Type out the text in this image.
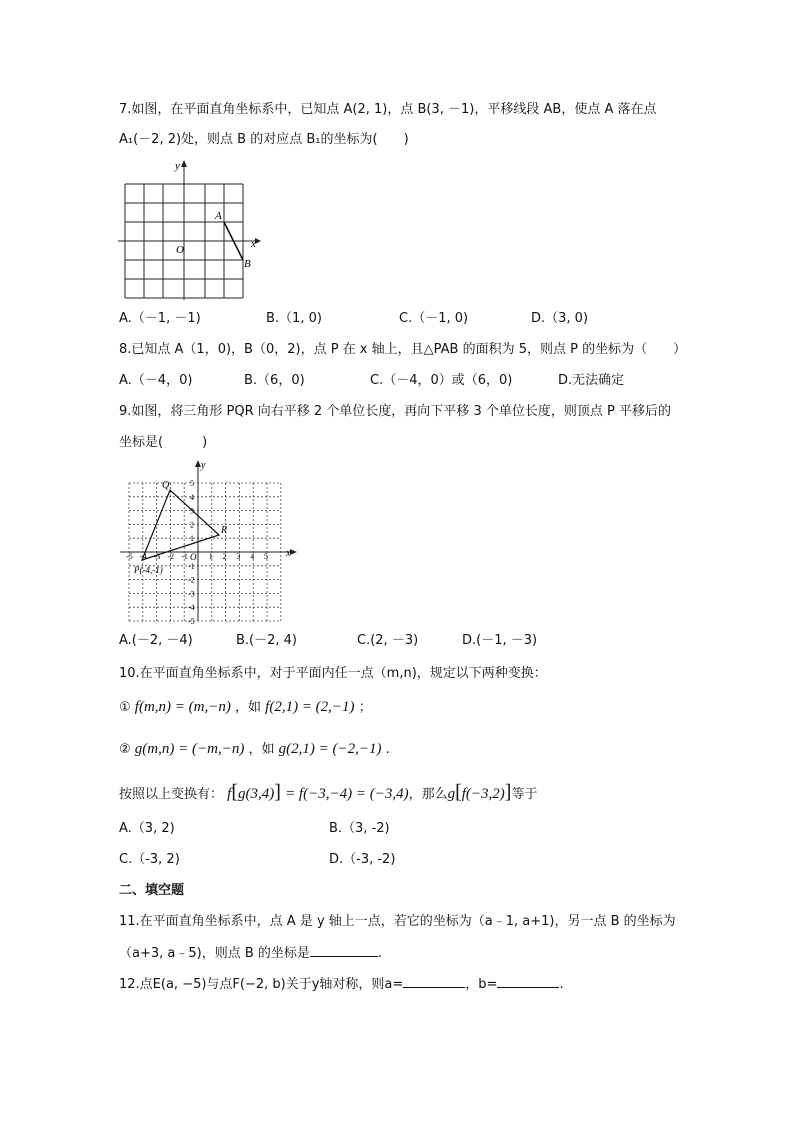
7.如图，在平面直角坐标系中，已知点 A(2, 1)，点 B(3, －1)，平移线段 AB，使点 A 落在点
A₁(－2, 2)处，则点 B 的对应点 B₁的坐标为(　　)
y
x
O
A
B
A.（－1, －1)	B.（1, 0)	C.（－1, 0)	D.（3, 0)
8.已知点 A（1，0)，B（0，2)，点 P 在 x 轴上，且△PAB 的面积为 5，则点 P 的坐标为（　　）
A.（－4，0)	B.（6，0)	C.（－4，0）或（6，0)	D.无法确定
9.如图，将三角形 PQR 向右平移 2 个单位长度，再向下平移 3 个单位长度，则顶点 P 平移后的
坐标是(　　　)
-5 -4 -3 -2 -1	1 2 3 4 5
5
4
3
2
1
-1
-2
-3
-4
-5
y
x
O
Q
R
P(-4,-1)
A.(－2, －4)	B.(－2, 4)	C.(2, －3)	D.(－1, －3)
10.在平面直角坐标系中，对于平面内任一点（m,n)，规定以下两种变换：
① f(m,n) = (m,−n) ，如 f(2,1) = (2,−1) ；
② g(m,n) = (−m,−n) ，如 g(2,1) = (−2,−1) .
按照以上变换有： f[g(3,4)] = f(−3,−4) = (−3,4)，那么g[f(−3,2)]等于
A.（3, 2)	B.（3, -2)
C.（-3, 2)	D.（-3, -2)
二、填空题
11.在平面直角坐标系中，点 A 是 y 轴上一点，若它的坐标为（a﹣1, a+1)，另一点 B 的坐标为
（a+3, a﹣5)，则点 B 的坐标是	.
12.点E(a, −5)与点F(−2, b)关于y轴对称，则a=	，b=	.
